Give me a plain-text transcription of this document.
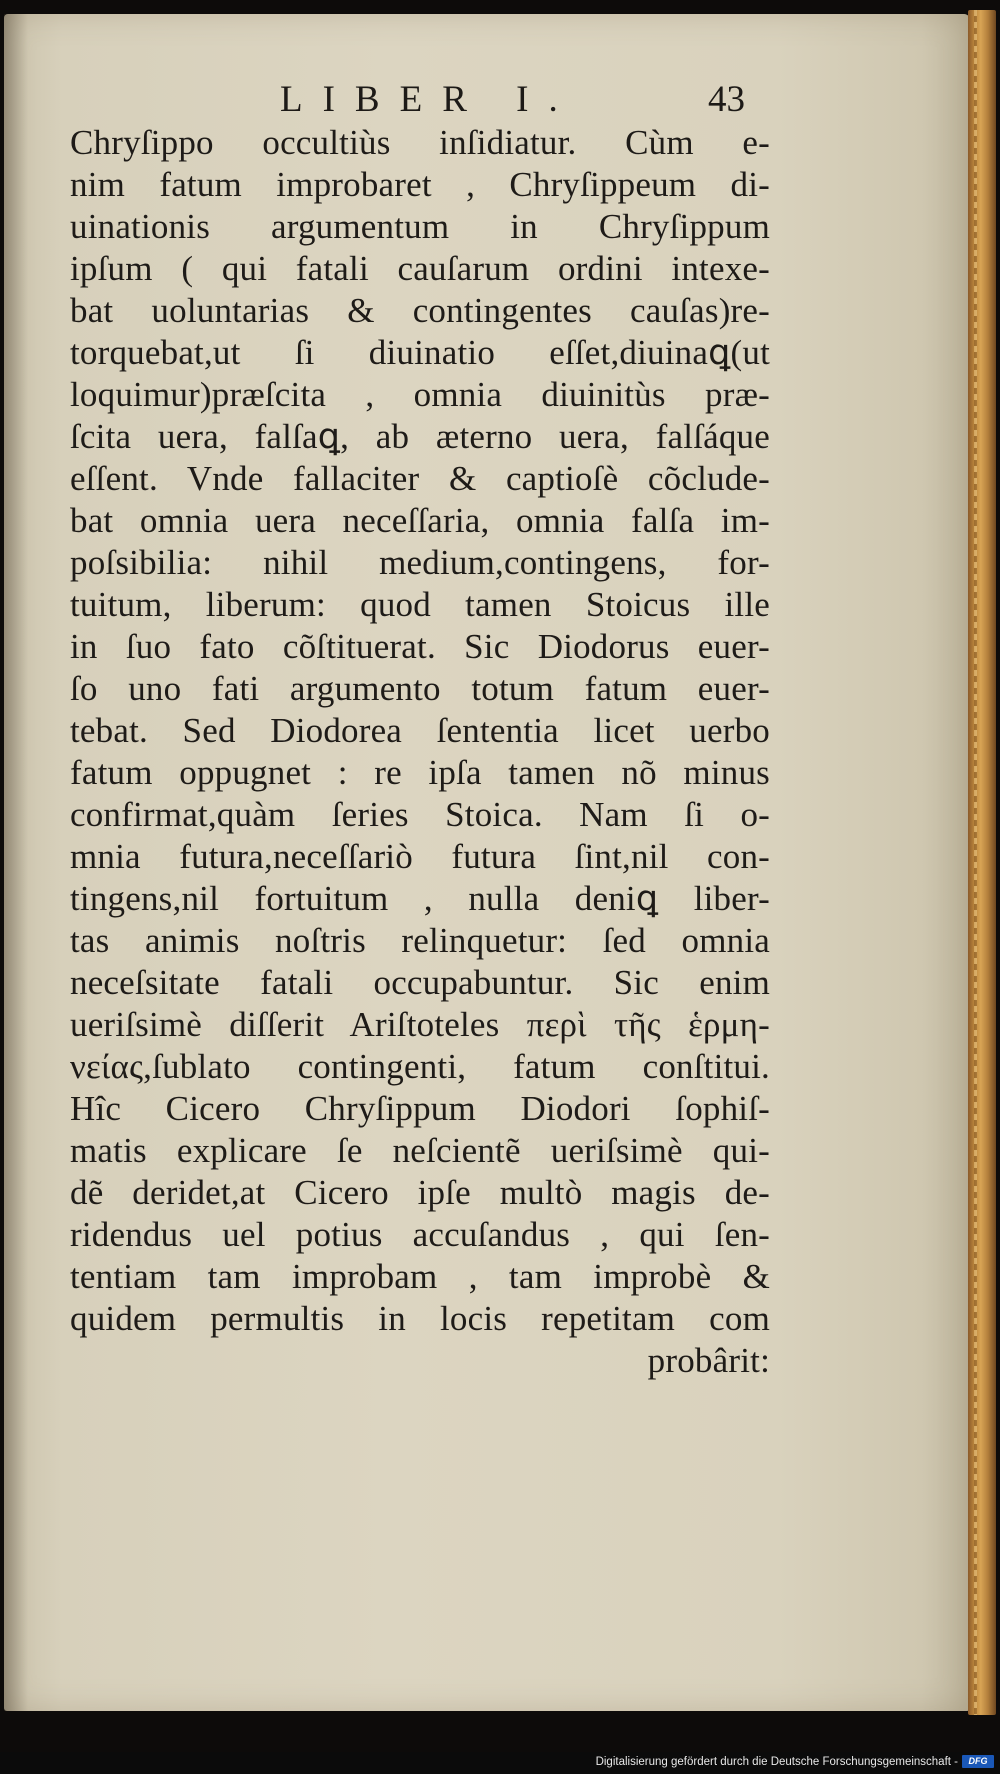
LIBER I.	43
Chryſippo occultiùs inſidiatur. Cùm e-
nim fatum improbaret , Chryſippeum di-
uinationis argumentum in Chryſippum
ipſum ( qui fatali cauſarum ordini intexe-
bat uoluntarias & contingentes cauſas)re-
torquebat,ut ſi diuinatio eſſet,diuinaꝗ(ut
loquimur)præſcita , omnia diuinitùs præ-
ſcita uera, falſaꝗ, ab æterno uera, falſáque
eſſent. Vnde fallaciter & captioſè cõclude-
bat omnia uera neceſſaria, omnia falſa im-
poſsibilia: nihil medium,contingens, for-
tuitum, liberum: quod tamen Stoicus ille
in ſuo fato cõſtituerat. Sic Diodorus euer-
ſo uno fati argumento totum fatum euer-
tebat. Sed Diodorea ſententia licet uerbo
fatum oppugnet : re ipſa tamen nõ minus
confirmat,quàm ſeries Stoica. Nam ſi o-
mnia futura,neceſſariò futura ſint,nil con-
tingens,nil fortuitum , nulla deniꝗ liber-
tas animis noſtris relinquetur: ſed omnia
neceſsitate fatali occupabuntur. Sic enim
ueriſsimè diſſerit Ariſtoteles περὶ τῆς ἑρμη-
νείας,ſublato contingenti, fatum conſtitui.
Hîc Cicero Chryſippum Diodori ſophiſ-
matis explicare ſe neſcientẽ ueriſsimè qui-
dẽ deridet,at Cicero ipſe multò magis de-
ridendus uel potius accuſandus , qui ſen-
tentiam tam improbam , tam improbè &
quidem permultis in locis repetitam com
probârit:
Digitalisierung gefördert durch die Deutsche Forschungsgemeinschaft -	DFG
